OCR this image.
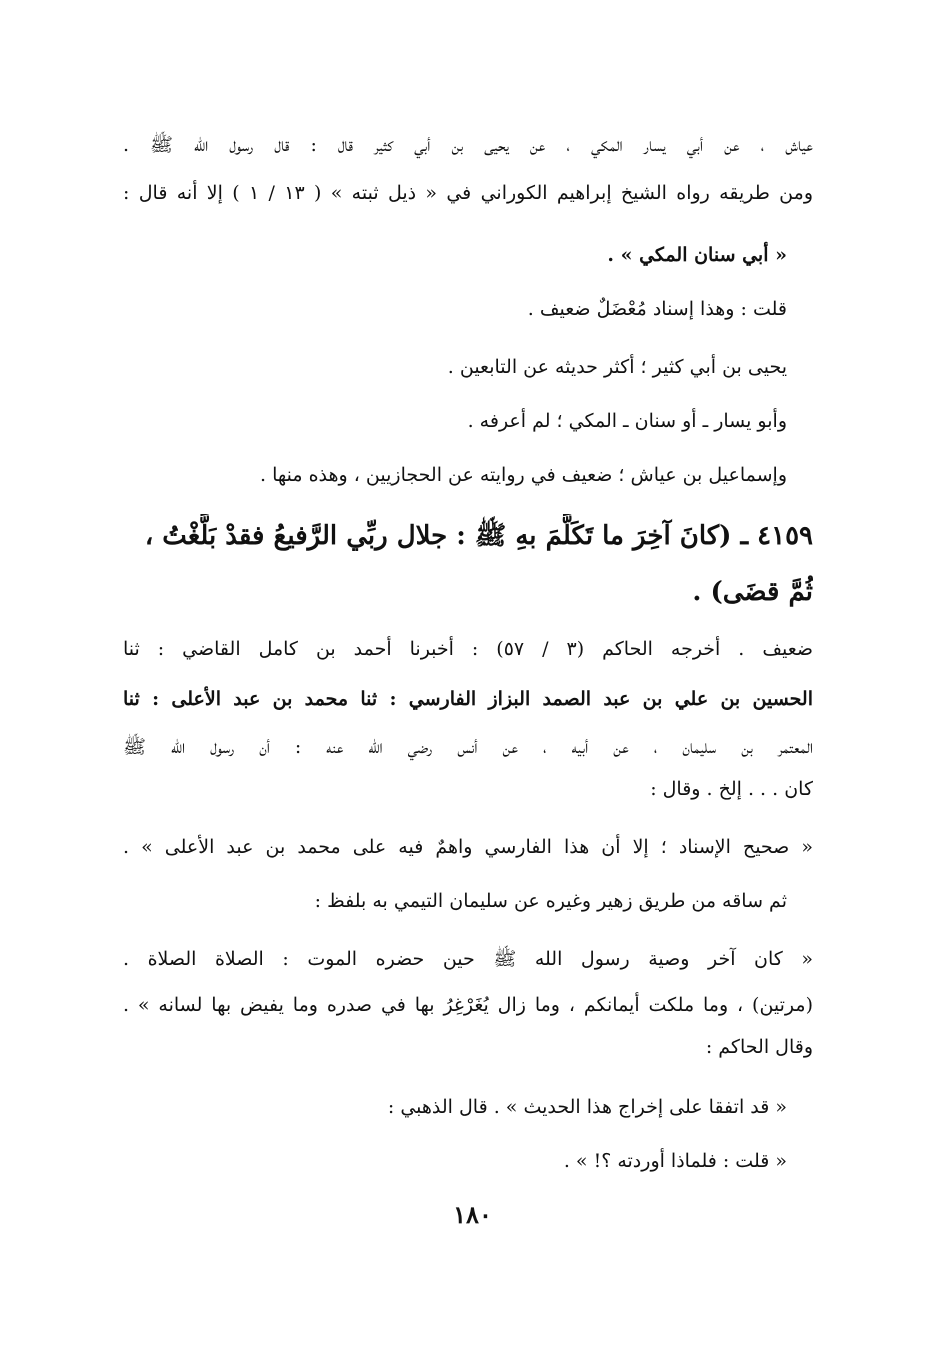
عياش ، عن أبي يسار المكي ، عن يحيى بن أبي كثير قال : قال رسول الله ﷺ .
ومن طريقه رواه الشيخ إبراهيم الكوراني في « ذيل ثبته » ( ١٣ / ١ ) إلا أنه قال :
« أبي سنان المكي » .
قلت : وهذا إسناد مُعْضَلٌ ضعيف .
يحيى بن أبي كثير ؛ أكثر حديثه عن التابعين .
وأبو يسار ـ أو سنان ـ المكي ؛ لم أعرفه .
وإسماعيل بن عياش ؛ ضعيف في روايته عن الحجازيين ، وهذه منها .
٤١٥٩ ـ (كانَ آخِرَ ما تَكَلَّمَ بهِ ﷺ : جلال ربِّي الرَّفيعُ فقدْ بَلَّغْتُ ،
ثُمَّ قضَى) .
ضعيف . أخرجه الحاكم (٣ / ٥٧) : أخبرنا أحمد بن كامل القاضي : ثنا
الحسين بن علي بن عبد الصمد البزاز الفارسي : ثنا محمد بن عبد الأعلى : ثنا
المعتمر بن سليمان ، عن أبيه ، عن أنس رضي الله عنه : أن رسول الله ﷺ
كان . . . إلخ . وقال :
« صحيح الإسناد ؛ إلا أن هذا الفارسي واهمٌ فيه على محمد بن عبد الأعلى » .
ثم ساقه من طريق زهير وغيره عن سليمان التيمي به بلفظ :
« كان آخر وصية رسول الله ﷺ حين حضره الموت : الصلاة الصلاة .
(مرتين) ، وما ملكت أيمانكم ، وما زال يُغَرْغِرُ بها في صدره وما يفيض بها لسانه » .
وقال الحاكم :
« قد اتفقا على إخراج هذا الحديث » . قال الذهبي :
« قلت : فلماذا أوردته ؟! » .
١٨٠
